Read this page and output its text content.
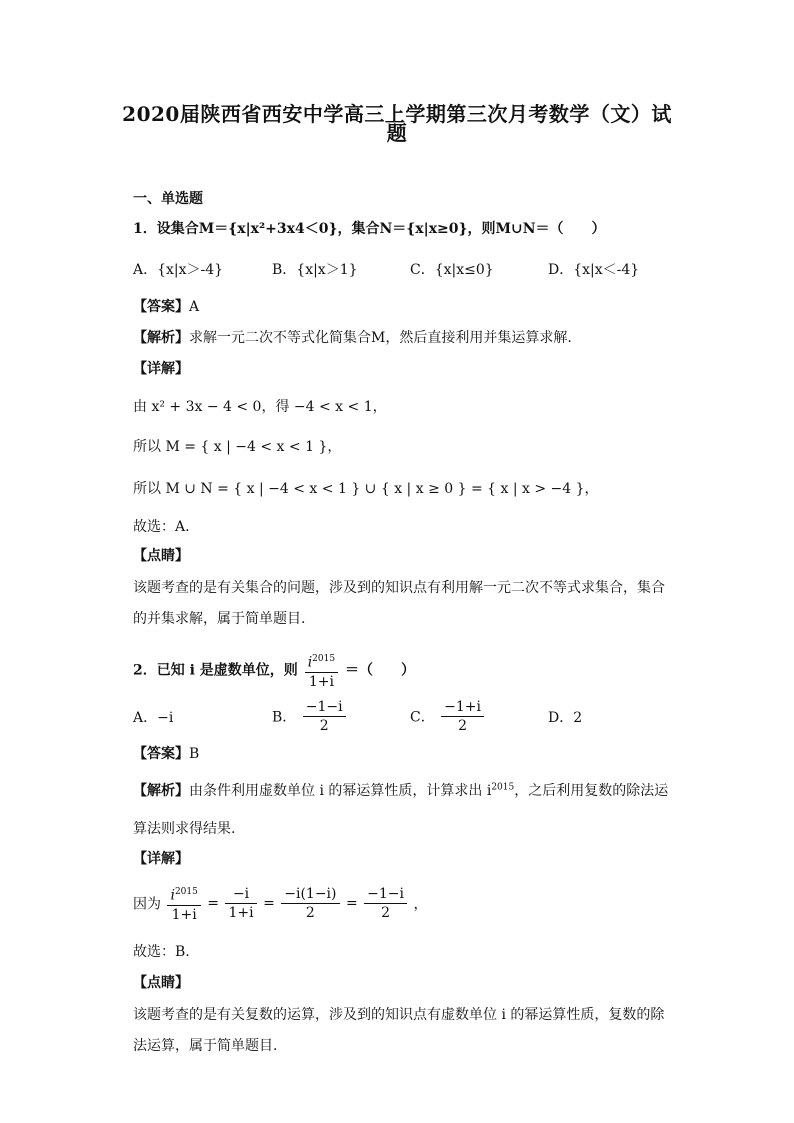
2020届陕西省西安中学高三上学期第三次月考数学（文）试
题
一、单选题
1．设集合M＝{x|x²+3x4＜0}，集合N＝{x|x≥0}，则M∪N＝（　　）
A．{x|x＞-4}	B．{x|x＞1}	C．{x|x≤0}	D．{x|x＜-4}
【答案】A
【解析】求解一元二次不等式化简集合M，然后直接利用并集运算求解.
【详解】
由 x² + 3x − 4 < 0，得 −4 < x < 1，
所以 M = { x | −4 < x < 1 }，
所以 M ∪ N = { x | −4 < x < 1 } ∪ { x | x ≥ 0 } = { x | x > −4 }，
故选：A.
【点睛】
该题考查的是有关集合的问题，涉及到的知识点有利用解一元二次不等式求集合，集合
的并集求解，属于简单题目.
2．已知 i 是虚数单位，则 $\frac{i^{2015}}{1+i}$ ＝（　　）
A．−i	B． $\frac{-1-i}{2}$	C． $\frac{-1+i}{2}$	D．2
【答案】B
【解析】由条件利用虚数单位 i 的幂运算性质，计算求出 $i^{2015}$，之后利用复数的除法运
算法则求得结果.
【详解】
因为 $\frac{i^{2015}}{1+i} = \frac{-i}{1+i} = \frac{-i(1-i)}{2} = \frac{-1-i}{2}$ ，
故选：B.
【点睛】
该题考查的是有关复数的运算，涉及到的知识点有虚数单位 i 的幂运算性质，复数的除
法运算，属于简单题目.
